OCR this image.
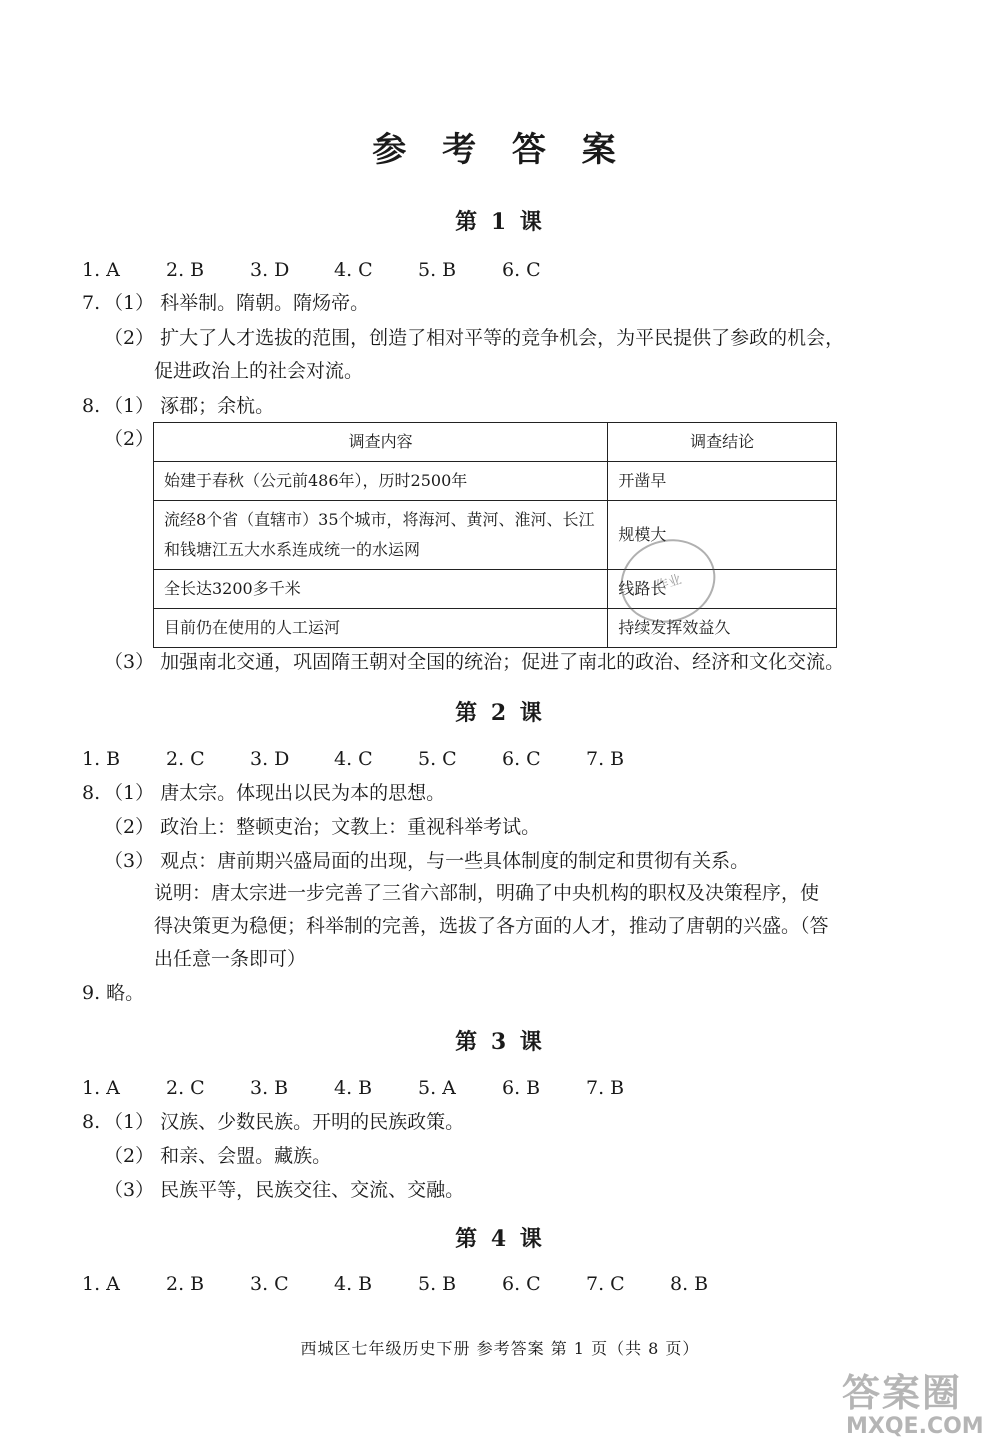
参 考 答 案
第 1 课
1. A 2. B 3. D 4. C 5. B 6. C
7. （1） 科举制。隋朝。隋炀帝。
（2） 扩大了人才选拔的范围，创造了相对平等的竞争机会，为平民提供了参政的机会，
促进政治上的社会对流。
8. （1） 涿郡；余杭。
（2）	调查内容	调查结论
始建于春秋（公元前486年），历时2500年	开凿早
流经8个省（直辖市）35个城市，将海河、黄河、淮河、长江和钱塘江五大水系连成统一的水运网	规模大
全长达3200多千米	线路长
目前仍在使用的人工运河	持续发挥效益久
作业
（3） 加强南北交通，巩固隋王朝对全国的统治；促进了南北的政治、经济和文化交流。
第 2 课
1. B 2. C 3. D 4. C 5. C 6. C 7. B
8. （1） 唐太宗。体现出以民为本的思想。
（2） 政治上：整顿吏治；文教上：重视科举考试。
（3） 观点：唐前期兴盛局面的出现，与一些具体制度的制定和贯彻有关系。
说明：唐太宗进一步完善了三省六部制，明确了中央机构的职权及决策程序，使
得决策更为稳便；科举制的完善，选拔了各方面的人才，推动了唐朝的兴盛。（答
出任意一条即可）
9. 略。
第 3 课
1. A 2. C 3. B 4. B 5. A 6. B 7. B
8. （1） 汉族、少数民族。开明的民族政策。
（2） 和亲、会盟。藏族。
（3） 民族平等，民族交往、交流、交融。
第 4 课
1. A 2. B 3. C 4. B 5. B 6. C 7. C 8. B
西城区七年级历史下册 参考答案 第 1 页（共 8 页）
答案圈
MXQE.COM
